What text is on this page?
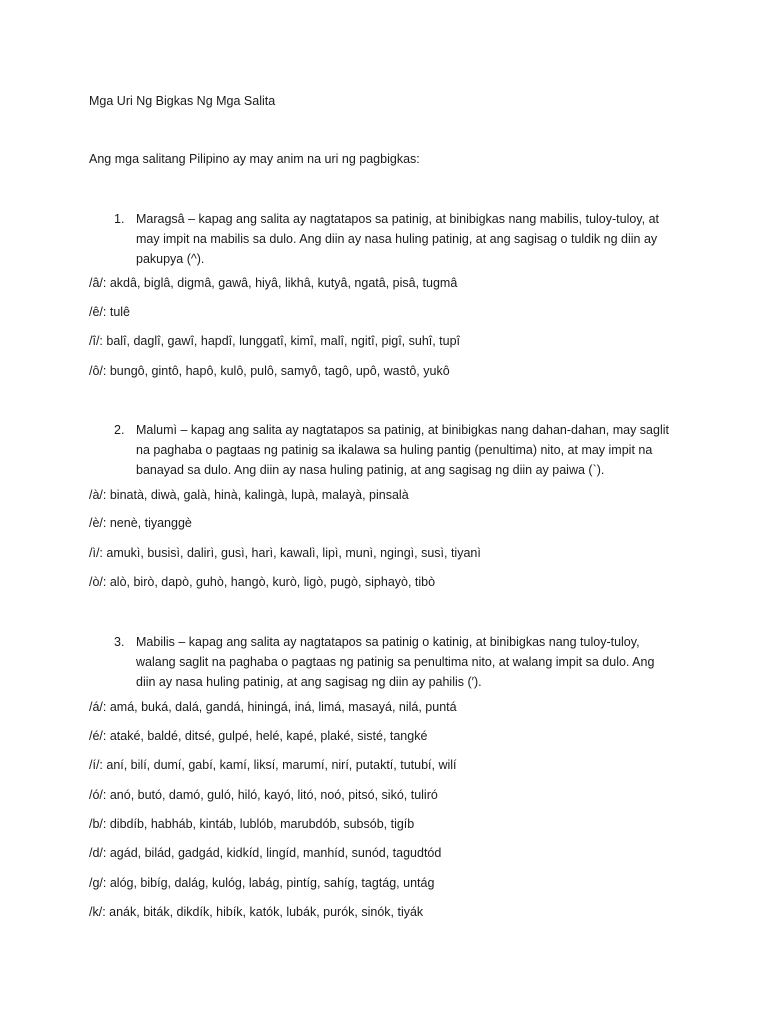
Mga Uri Ng Bigkas Ng Mga Salita
Ang mga salitang Pilipino ay may anim na uri ng pagbigkas:
1. Maragsâ – kapag ang salita ay nagtatapos sa patinig, at binibigkas nang mabilis, tuloy-tuloy, at may impit na mabilis sa dulo. Ang diin ay nasa huling patinig, at ang sagisag o tuldik ng diin ay pakupya (^).
/â/: akdâ, biglâ, digmâ, gawâ, hiyâ, likhâ, kutyâ, ngatâ, pisâ, tugmâ
/ê/: tulê
/î/: balî, daglî, gawî, hapdî, lunggatî, kimî, malî, ngitî, pigî, suhî, tupî
/ô/: bungô, gintô, hapô, kulô, pulô, samyô, tagô, upô, wastô, yukô
2. Malumì – kapag ang salita ay nagtatapos sa patinig, at binibigkas nang dahan-dahan, may saglit na paghaba o pagtaas ng patinig sa ikalawa sa huling pantig (penultima) nito, at may impit na banayad sa dulo. Ang diin ay nasa huling patinig, at ang sagisag ng diin ay paiwa (`).
/à/: binatà, diwà, galà, hinà, kalingà, lupà, malayà, pinsalà
/è/: nenè, tiyanggè
/ì/: amukì, busisì, dalirì, gusì, harì, kawalì, lipì, munì, ngingì, susì, tiyanì
/ò/: alò, birò, dapò, guhò, hangò, kurò, ligò, pugò, siphayò, tibò
3. Mabilis – kapag ang salita ay nagtatapos sa patinig o katinig, at binibigkas nang tuloy-tuloy, walang saglit na paghaba o pagtaas ng patinig sa penultima nito, at walang impit sa dulo. Ang diin ay nasa huling patinig, at ang sagisag ng diin ay pahilis (′).
/á/: amá, buká, dalá, gandá, hiningá, iná, limá, masayá, nilá, puntá
/é/: ataké, baldé, ditsé, gulpé, helé, kapé, plaké, sisté, tangké
/í/: aní, bilí, dumí, gabí, kamí, liksí, marumí, nirí, putaktí, tutubí, wilí
/ó/: anó, butó, damó, guló, hiló, kayó, litó, noó, pitsó, sikó, tuliró
/b/: dibdíb, habháb, kintáb, lublób, marubdób, subsób, tigíb
/d/: agád, bilád, gadgád, kidkíd, lingíd, manhíd, sunód, tagudtód
/g/: alóg, bibíg, dalág, kulóg, labág, pintíg, sahíg, tagtág, untág
/k/: anák, biták, dikdík, hibík, katók, lubák, purók, sinók, tiyák
